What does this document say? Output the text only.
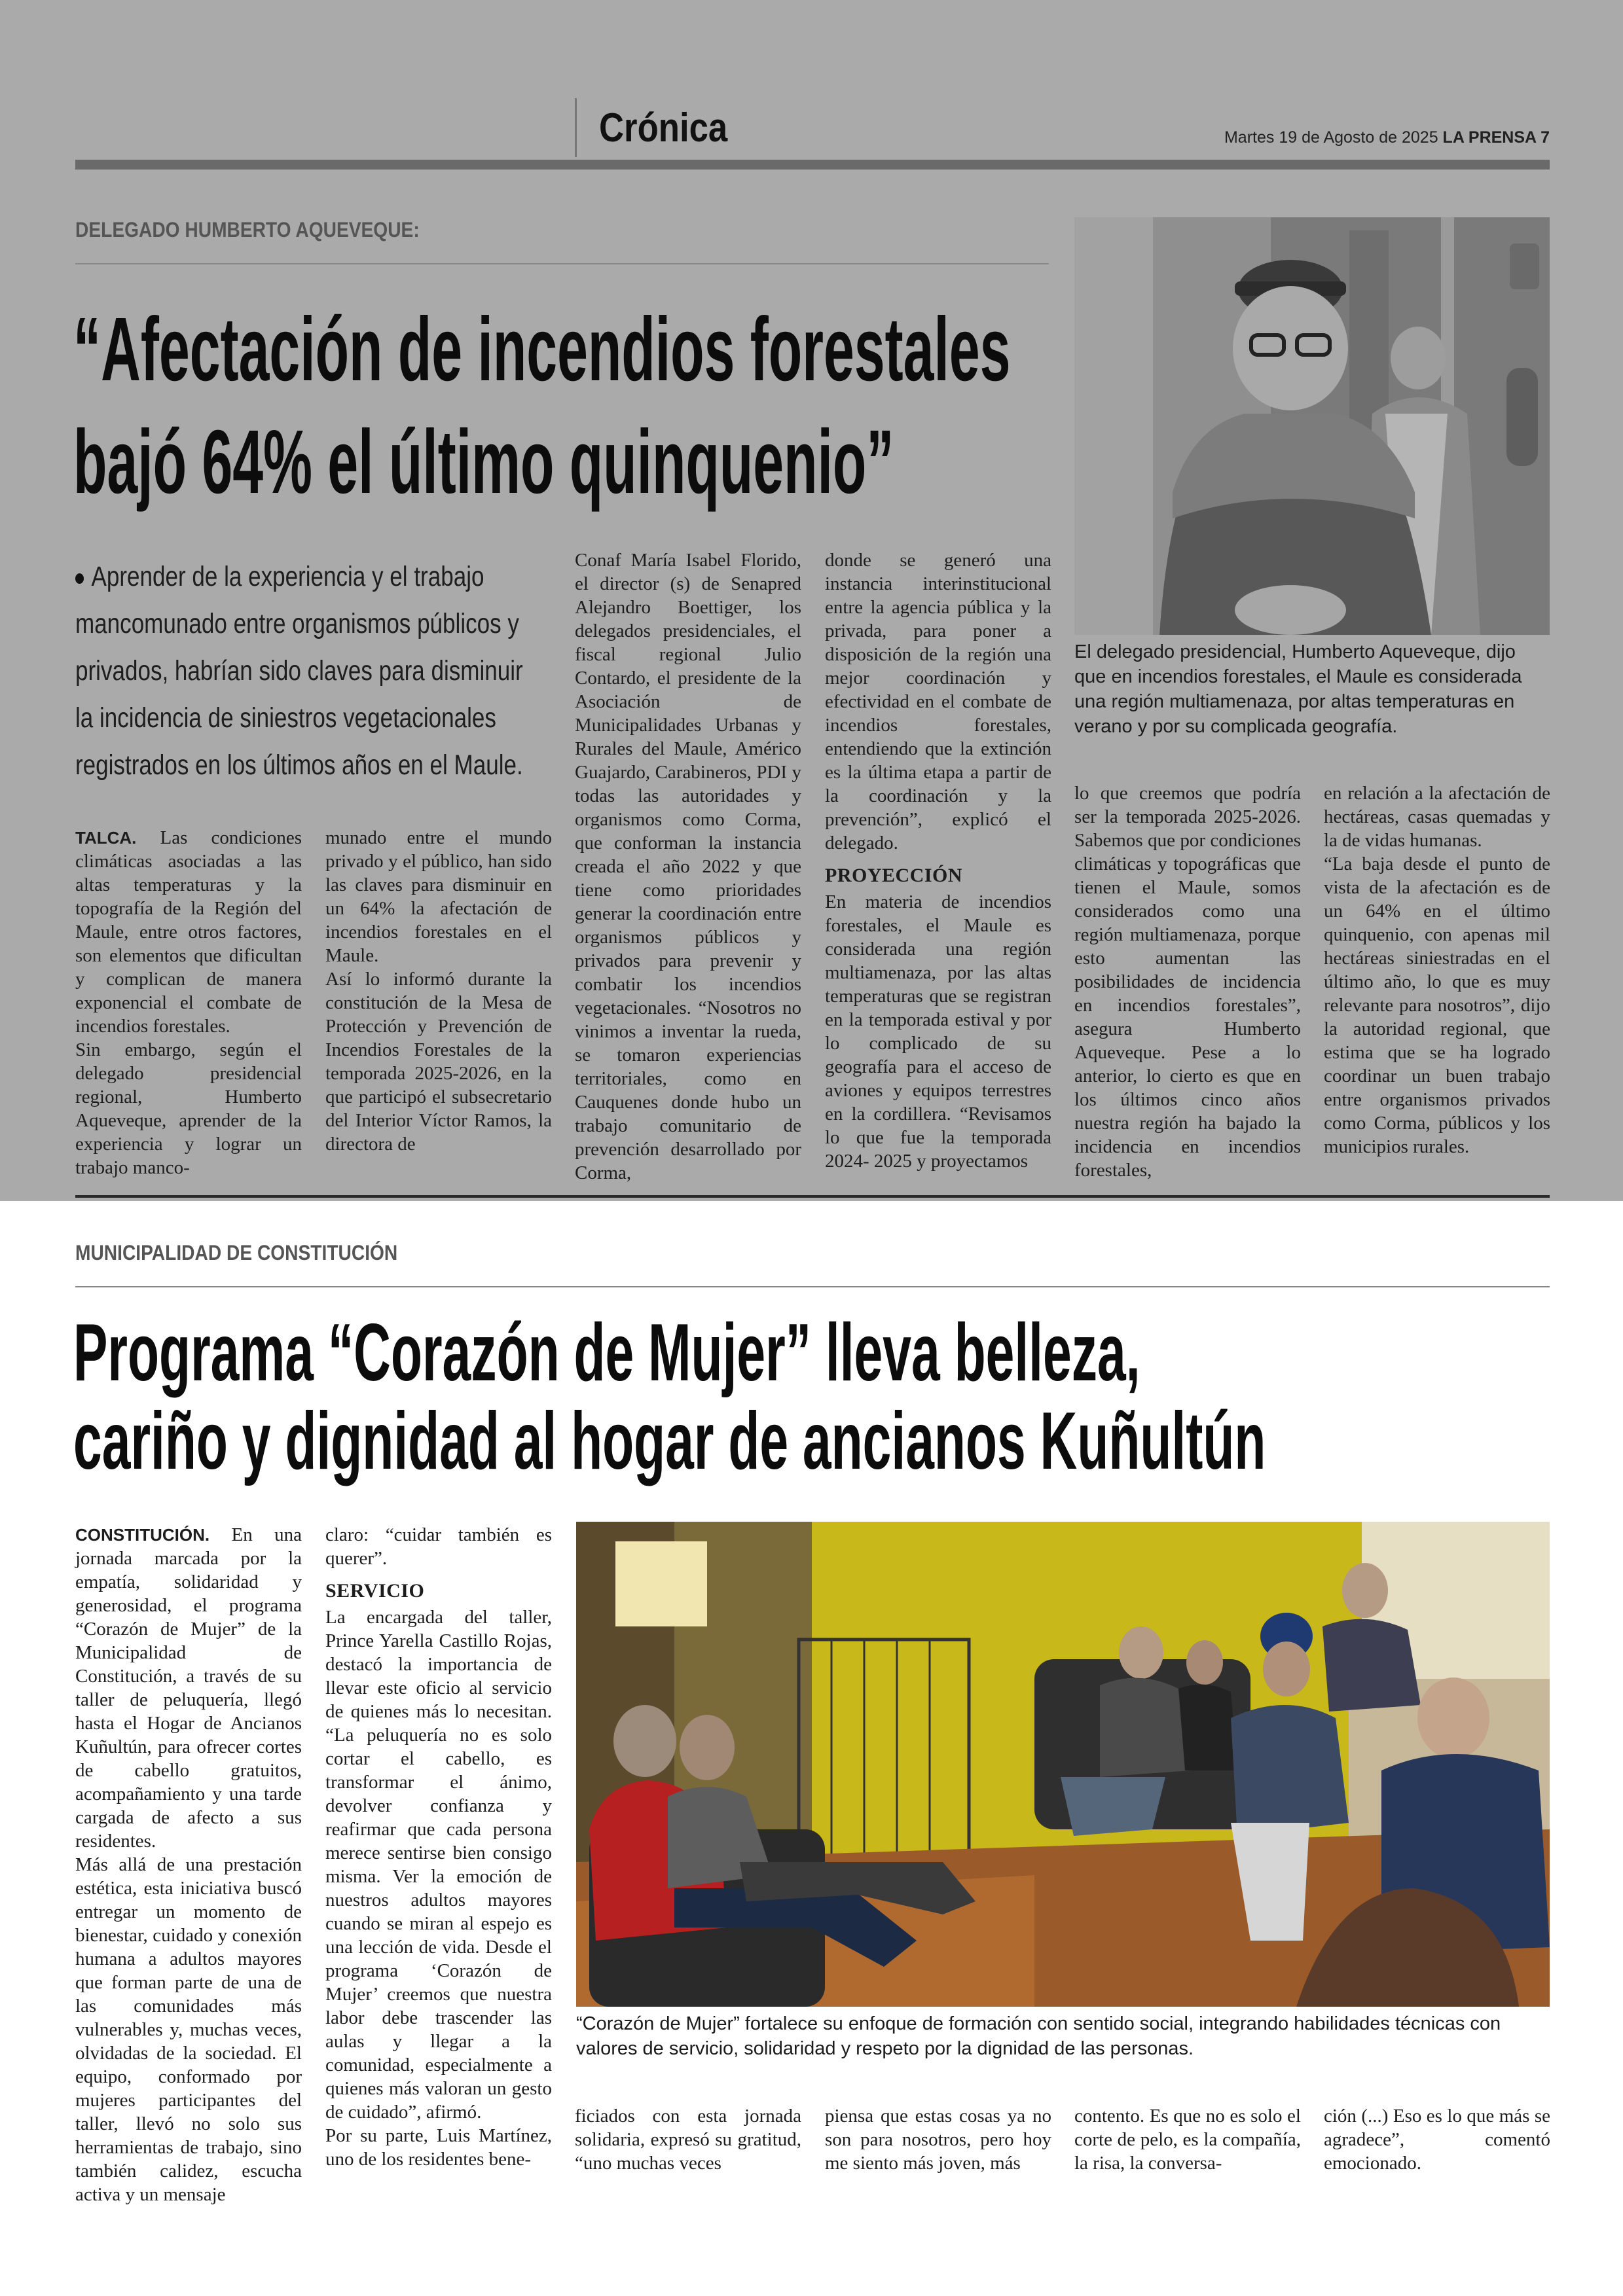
Crónica	Martes 19 de Agosto de 2025 LA PRENSA 7
DELEGADO HUMBERTO AQUEVEQUE:
“Afectación de incendios forestales
bajó 64% el último quinquenio”
Aprender de la experiencia y el trabajo mancomunado entre organismos públicos y privados, habrían sido claves para disminuir la incidencia de siniestros vegetacionales registrados en los últimos años en el Maule.
El delegado presidencial, Humberto Aqueveque, dijo que en incendios forestales, el Maule es considerada una región multiamenaza, por altas temperaturas en verano y por su complicada geografía.

TALCA. Las condiciones climáticas asociadas a las altas temperaturas y la topografía de la Región del Maule, entre otros factores, son elementos que dificultan y complican de manera exponencial el combate de incendios forestales.

Sin embargo, según el delegado presidencial regional, Humberto Aqueveque, aprender de la experiencia y lograr un trabajo manco-

munado entre el mundo privado y el público, han sido las claves para disminuir en un 64% la afectación de incendios forestales en el Maule.

Así lo informó durante la constitución de la Mesa de Protección y Prevención de Incendios Forestales de la temporada 2025-2026, en la que participó el subsecretario del Interior Víctor Ramos, la directora de

Conaf María Isabel Florido, el director (s) de Senapred Alejandro Boettiger, los delegados presidenciales, el fiscal regional Julio Contardo, el presidente de la Asociación de Municipalidades Urbanas y Rurales del Maule, Américo Guajardo, Carabineros, PDI y todas las autoridades y organismos como Corma, que conforman la instancia creada el año 2022 y que tiene como prioridades generar la coordinación entre organismos públicos y privados para prevenir y combatir los incendios vegetacionales. “Nosotros no vinimos a inventar la rueda, se tomaron experiencias territoriales, como en Cauquenes donde hubo un trabajo comunitario de prevención desarrollado por Corma,

donde se generó una instancia interinstitucional entre la agencia pública y la privada, para poner a disposición de la región una mejor coordinación y efectividad en el combate de incendios forestales, entendiendo que la extinción es la última etapa a partir de la coordinación y la prevención”, explicó el delegado.

PROYECCIÓN

En materia de incendios forestales, el Maule es considerada una región multiamenaza, por las altas temperaturas que se registran en la temporada estival y por lo complicado de su geografía para el acceso de aviones y equipos terrestres en la cordillera. “Revisamos lo que fue la temporada 2024- 2025 y proyectamos

lo que creemos que podría ser la temporada 2025-2026. Sabemos que por condiciones climáticas y topográficas que tienen el Maule, somos considerados como una región multiamenaza, porque esto aumentan las posibilidades de incidencia en incendios forestales”, asegura Humberto Aqueveque. Pese a lo anterior, lo cierto es que en los últimos cinco años nuestra región ha bajado la incidencia en incendios forestales,

en relación a la afectación de hectáreas, casas quemadas y la de vidas humanas.

“La baja desde el punto de vista de la afectación es de un 64% en el último quinquenio, con apenas mil hectáreas siniestradas en el último año, lo que es muy relevante para nosotros”, dijo la autoridad regional, que estima que se ha logrado coordinar un buen trabajo entre organismos privados como Corma, públicos y los municipios rurales.

MUNICIPALIDAD DE CONSTITUCIÓN
Programa “Corazón de Mujer” lleva belleza,
cariño y dignidad al hogar de ancianos Kuñultún
“Corazón de Mujer” fortalece su enfoque de formación con sentido social, integrando habilidades técnicas con valores de servicio, solidaridad y respeto por la dignidad de las personas.

CONSTITUCIÓN. En una jornada marcada por la empatía, solidaridad y generosidad, el programa “Corazón de Mujer” de la Municipalidad de Constitución, a través de su taller de peluquería, llegó hasta el Hogar de Ancianos Kuñultún, para ofrecer cortes de cabello gratuitos, acompañamiento y una tarde cargada de afecto a sus residentes.

Más allá de una prestación estética, esta iniciativa buscó entregar un momento de bienestar, cuidado y conexión humana a adultos mayores que forman parte de una de las comunidades más vulnerables y, muchas veces, olvidadas de la sociedad. El equipo, conformado por mujeres participantes del taller, llevó no solo sus herramientas de trabajo, sino también calidez, escucha activa y un mensaje

claro: “cuidar también es querer”.

SERVICIO

La encargada del taller, Prince Yarella Castillo Rojas, destacó la importancia de llevar este oficio al servicio de quienes más lo necesitan. “La peluquería no es solo cortar el cabello, es transformar el ánimo, devolver confianza y reafirmar que cada persona merece sentirse bien consigo misma. Ver la emoción de nuestros adultos mayores cuando se miran al espejo es una lección de vida. Desde el programa ‘Corazón de Mujer’ creemos que nuestra labor debe trascender las aulas y llegar a la comunidad, especialmente a quienes más valoran un gesto de cuidado”, afirmó.

Por su parte, Luis Martínez, uno de los residentes bene-

ficiados con esta jornada solidaria, expresó su gratitud, “uno muchas veces

piensa que estas cosas ya no son para nosotros, pero hoy me siento más joven, más

contento. Es que no es solo el corte de pelo, es la compañía, la risa, la conversa-

ción (...) Eso es lo que más se agradece”, comentó emocionado.
